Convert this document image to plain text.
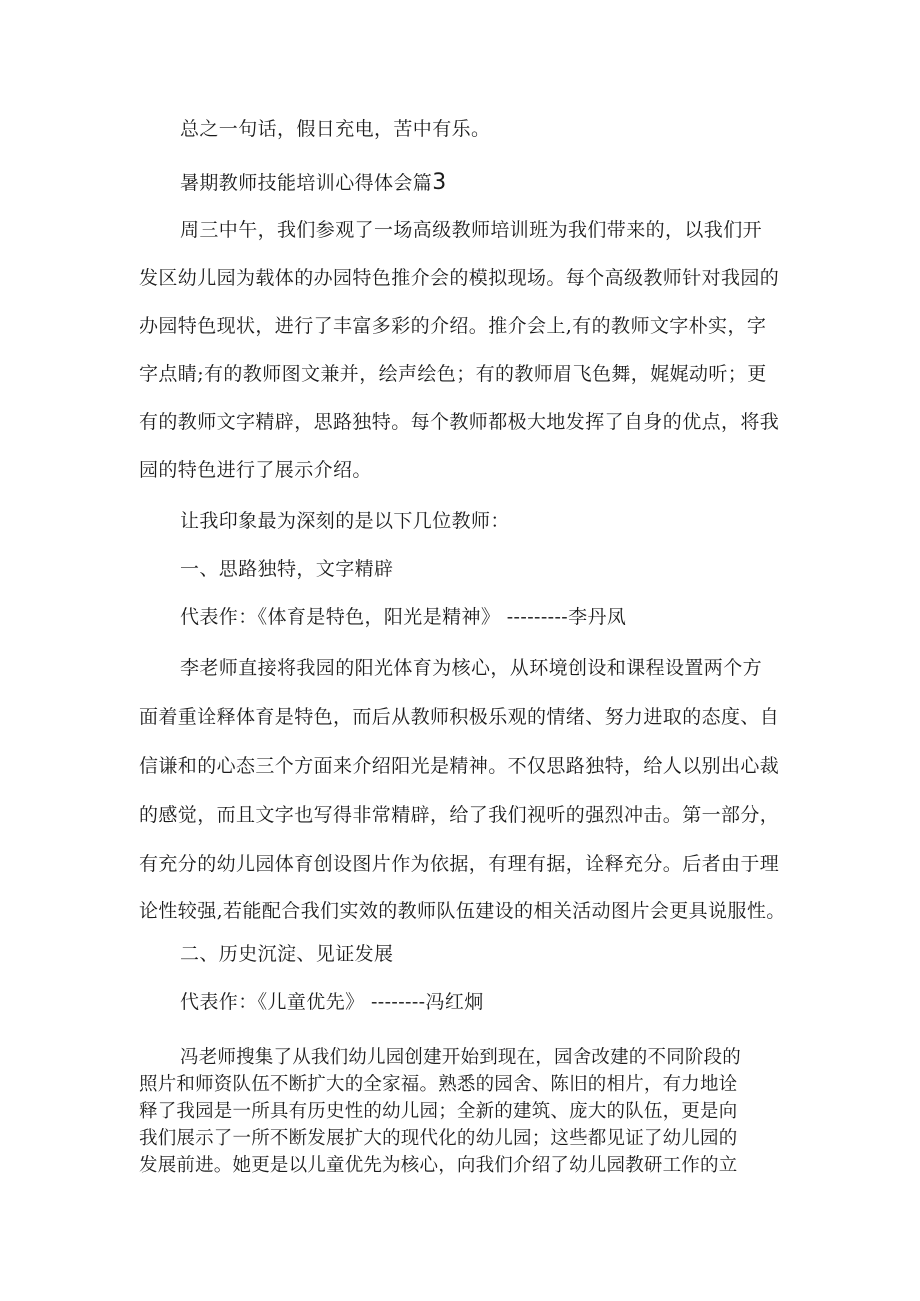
总之一句话，假日充电，苦中有乐。
暑期教师技能培训心得体会篇3
周三中午，我们参观了一场高级教师培训班为我们带来的，以我们开
发区幼儿园为载体的办园特色推介会的模拟现场。每个高级教师针对我园的
办园特色现状，进行了丰富多彩的介绍。推介会上,有的教师文字朴实，字
字点睛;有的教师图文兼并，绘声绘色；有的教师眉飞色舞，娓娓动听；更
有的教师文字精辟，思路独特。每个教师都极大地发挥了自身的优点，将我
园的特色进行了展示介绍。
让我印象最为深刻的是以下几位教师：
一、思路独特，文字精辟
代表作：《体育是特色，阳光是精神》 ---------李丹凤
李老师直接将我园的阳光体育为核心，从环境创设和课程设置两个方
面着重诠释体育是特色，而后从教师积极乐观的情绪、努力进取的态度、自
信谦和的心态三个方面来介绍阳光是精神。不仅思路独特，给人以别出心裁
的感觉，而且文字也写得非常精辟，给了我们视听的强烈冲击。第一部分，
有充分的幼儿园体育创设图片作为依据，有理有据，诠释充分。后者由于理
论性较强,若能配合我们实效的教师队伍建设的相关活动图片会更具说服性。
二、历史沉淀、见证发展
代表作：《儿童优先》 --------冯红炯
冯老师搜集了从我们幼儿园创建开始到现在，园舍改建的不同阶段的
照片和师资队伍不断扩大的全家福。熟悉的园舍、陈旧的相片，有力地诠
释了我园是一所具有历史性的幼儿园；全新的建筑、庞大的队伍，更是向
我们展示了一所不断发展扩大的现代化的幼儿园；这些都见证了幼儿园的
发展前进。她更是以儿童优先为核心，向我们介绍了幼儿园教研工作的立
